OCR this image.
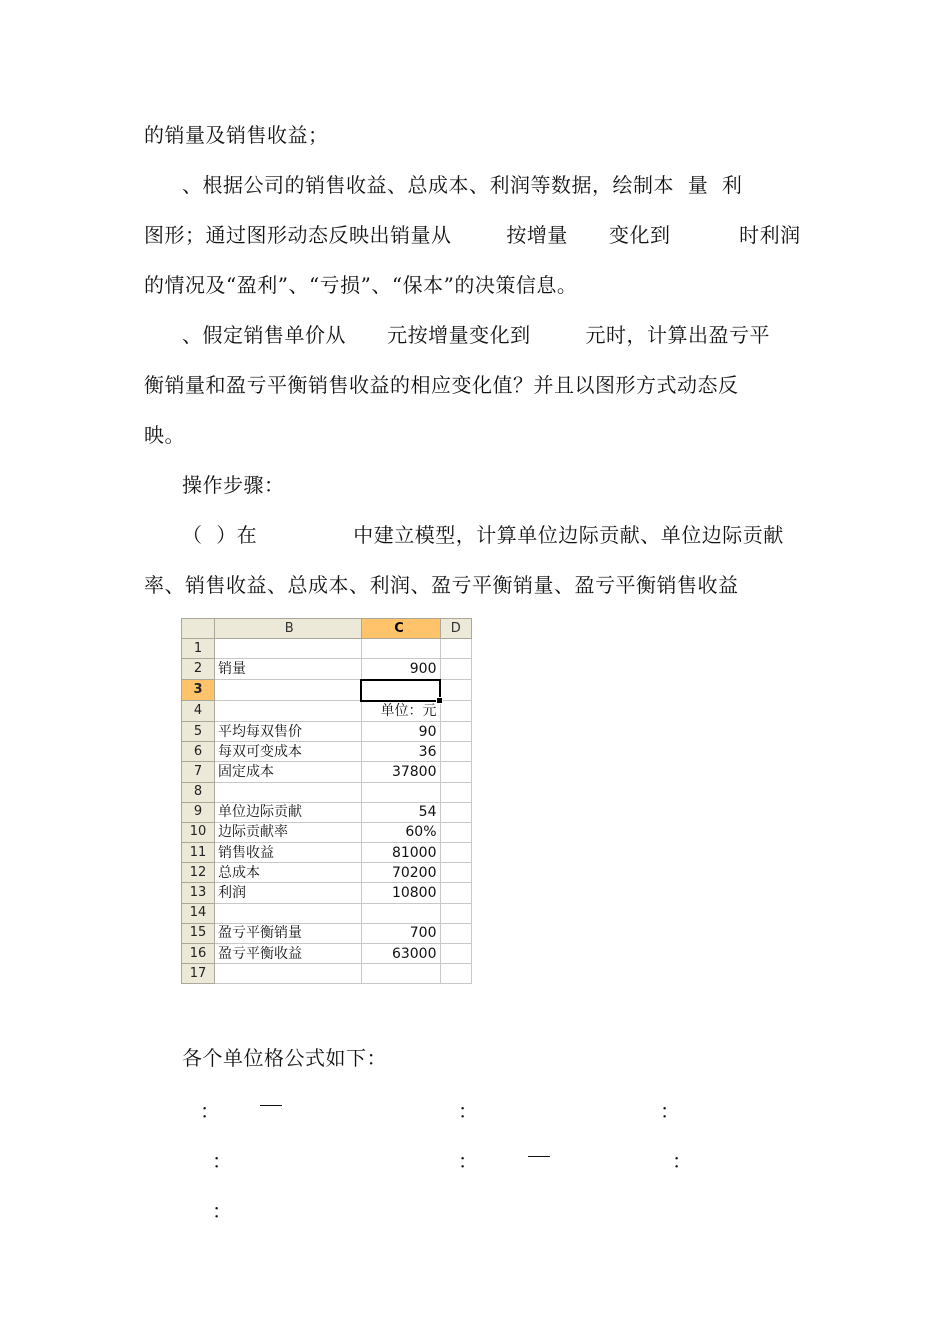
的销量及销售收益；
、根据公司的销售收益、总成本、利润等数据，绘制本  量  利
图形；通过图形动态反映出销量从        按增量      变化到          时利润
的情况及“盈利”、“亏损”、“保本”的决策信息。
、假定销售单价从      元按增量变化到        元时，计算出盈亏平
衡销量和盈亏平衡销售收益的相应变化值？并且以图形方式动态反
映。
操作步骤：
（  ）在              中建立模型，计算单位边际贡献、单位边际贡献
率、销售收益、总成本、利润、盈亏平衡销量、盈亏平衡销售收益
	B	C	D
1			
2	销量	900	
3		

4		单位：元	
5	平均每双售价	90	
6	每双可变成本	36	
7	固定成本	37800	
8			
9	单位边际贡献	54	
10	边际贡献率	60%	
11	销售收益	81000	
12	总成本	70200	
13	利润	10800	
14			
15	盈亏平衡销量	700	
16	盈亏平衡收益	63000	
17			
各个单位格公式如下：
：	：	：
：	：	：
：
